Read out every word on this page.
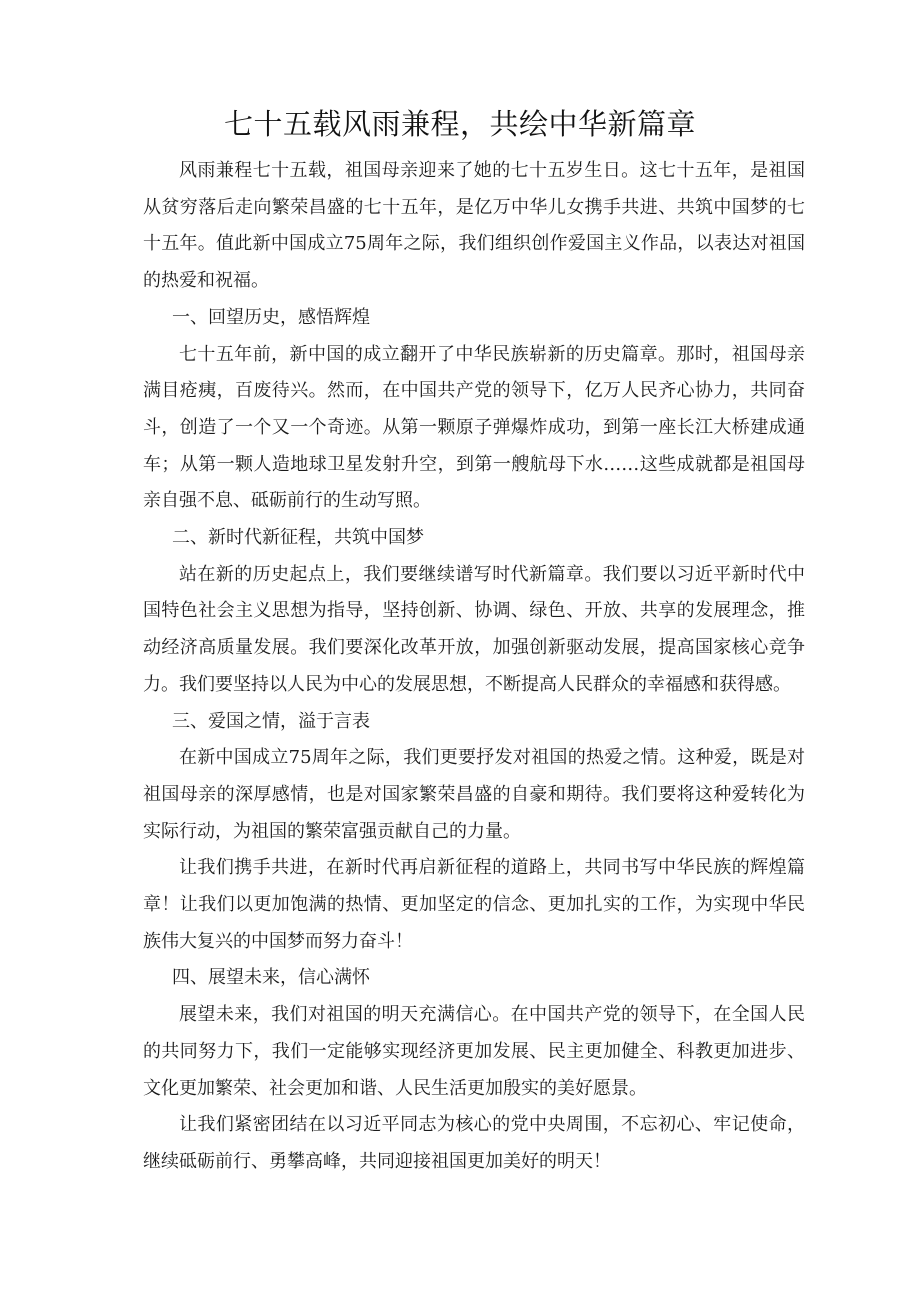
七十五载风雨兼程，共绘中华新篇章

风雨兼程七十五载，祖国母亲迎来了她的七十五岁生日。这七十五年，是祖国从贫穷落后走向繁荣昌盛的七十五年，是亿万中华儿女携手共进、共筑中国梦的七十五年。值此新中国成立75周年之际，我们组织创作爱国主义作品，以表达对祖国的热爱和祝福。

一、回望历史，感悟辉煌

七十五年前，新中国的成立翻开了中华民族崭新的历史篇章。那时，祖国母亲满目疮痍，百废待兴。然而，在中国共产党的领导下，亿万人民齐心协力，共同奋斗，创造了一个又一个奇迹。从第一颗原子弹爆炸成功，到第一座长江大桥建成通车；从第一颗人造地球卫星发射升空，到第一艘航母下水……这些成就都是祖国母亲自强不息、砥砺前行的生动写照。

二、新时代新征程，共筑中国梦

站在新的历史起点上，我们要继续谱写时代新篇章。我们要以习近平新时代中国特色社会主义思想为指导，坚持创新、协调、绿色、开放、共享的发展理念，推动经济高质量发展。我们要深化改革开放，加强创新驱动发展，提高国家核心竞争力。我们要坚持以人民为中心的发展思想，不断提高人民群众的幸福感和获得感。

三、爱国之情，溢于言表

在新中国成立75周年之际，我们更要抒发对祖国的热爱之情。这种爱，既是对祖国母亲的深厚感情，也是对国家繁荣昌盛的自豪和期待。我们要将这种爱转化为实际行动，为祖国的繁荣富强贡献自己的力量。

让我们携手共进，在新时代再启新征程的道路上，共同书写中华民族的辉煌篇章！让我们以更加饱满的热情、更加坚定的信念、更加扎实的工作，为实现中华民族伟大复兴的中国梦而努力奋斗！

四、展望未来，信心满怀

展望未来，我们对祖国的明天充满信心。在中国共产党的领导下，在全国人民的共同努力下，我们一定能够实现经济更加发展、民主更加健全、科教更加进步、文化更加繁荣、社会更加和谐、人民生活更加殷实的美好愿景。

让我们紧密团结在以习近平同志为核心的党中央周围，不忘初心、牢记使命，继续砥砺前行、勇攀高峰，共同迎接祖国更加美好的明天！
